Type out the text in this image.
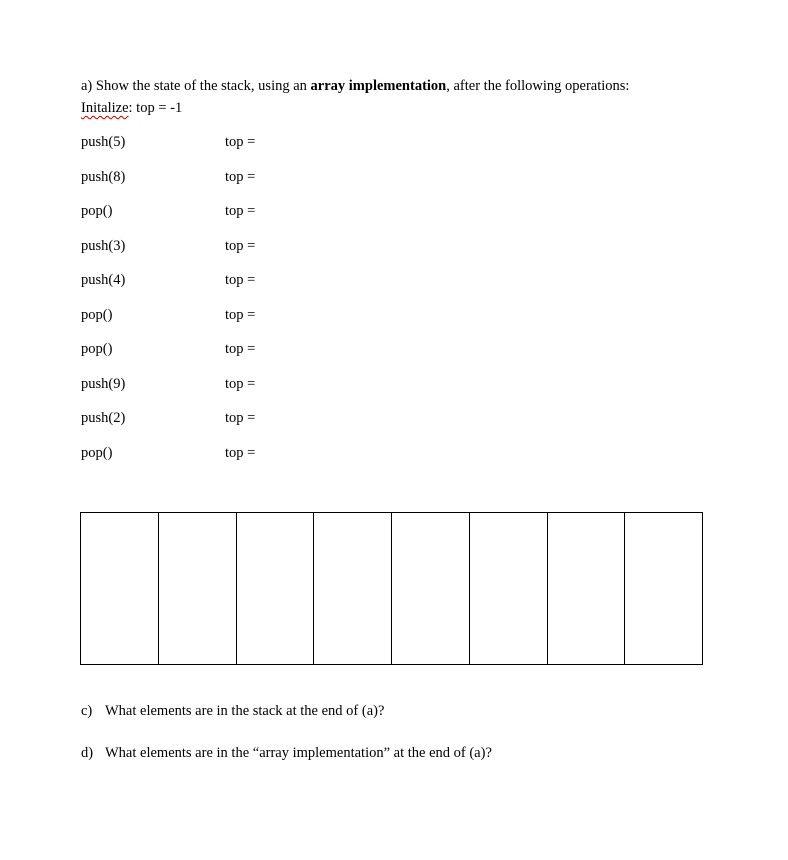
a) Show the state of the stack, using an array implementation, after the following operations:
Initalize: top = -1
push(5)	top =
push(8)	top =
pop()	top =
push(3)	top =
push(4)	top =
pop()	top =
pop()	top =
push(9)	top =
push(2)	top =
pop()	top =
c) What elements are in the stack at the end of (a)?
d) What elements are in the “array implementation” at the end of (a)?
